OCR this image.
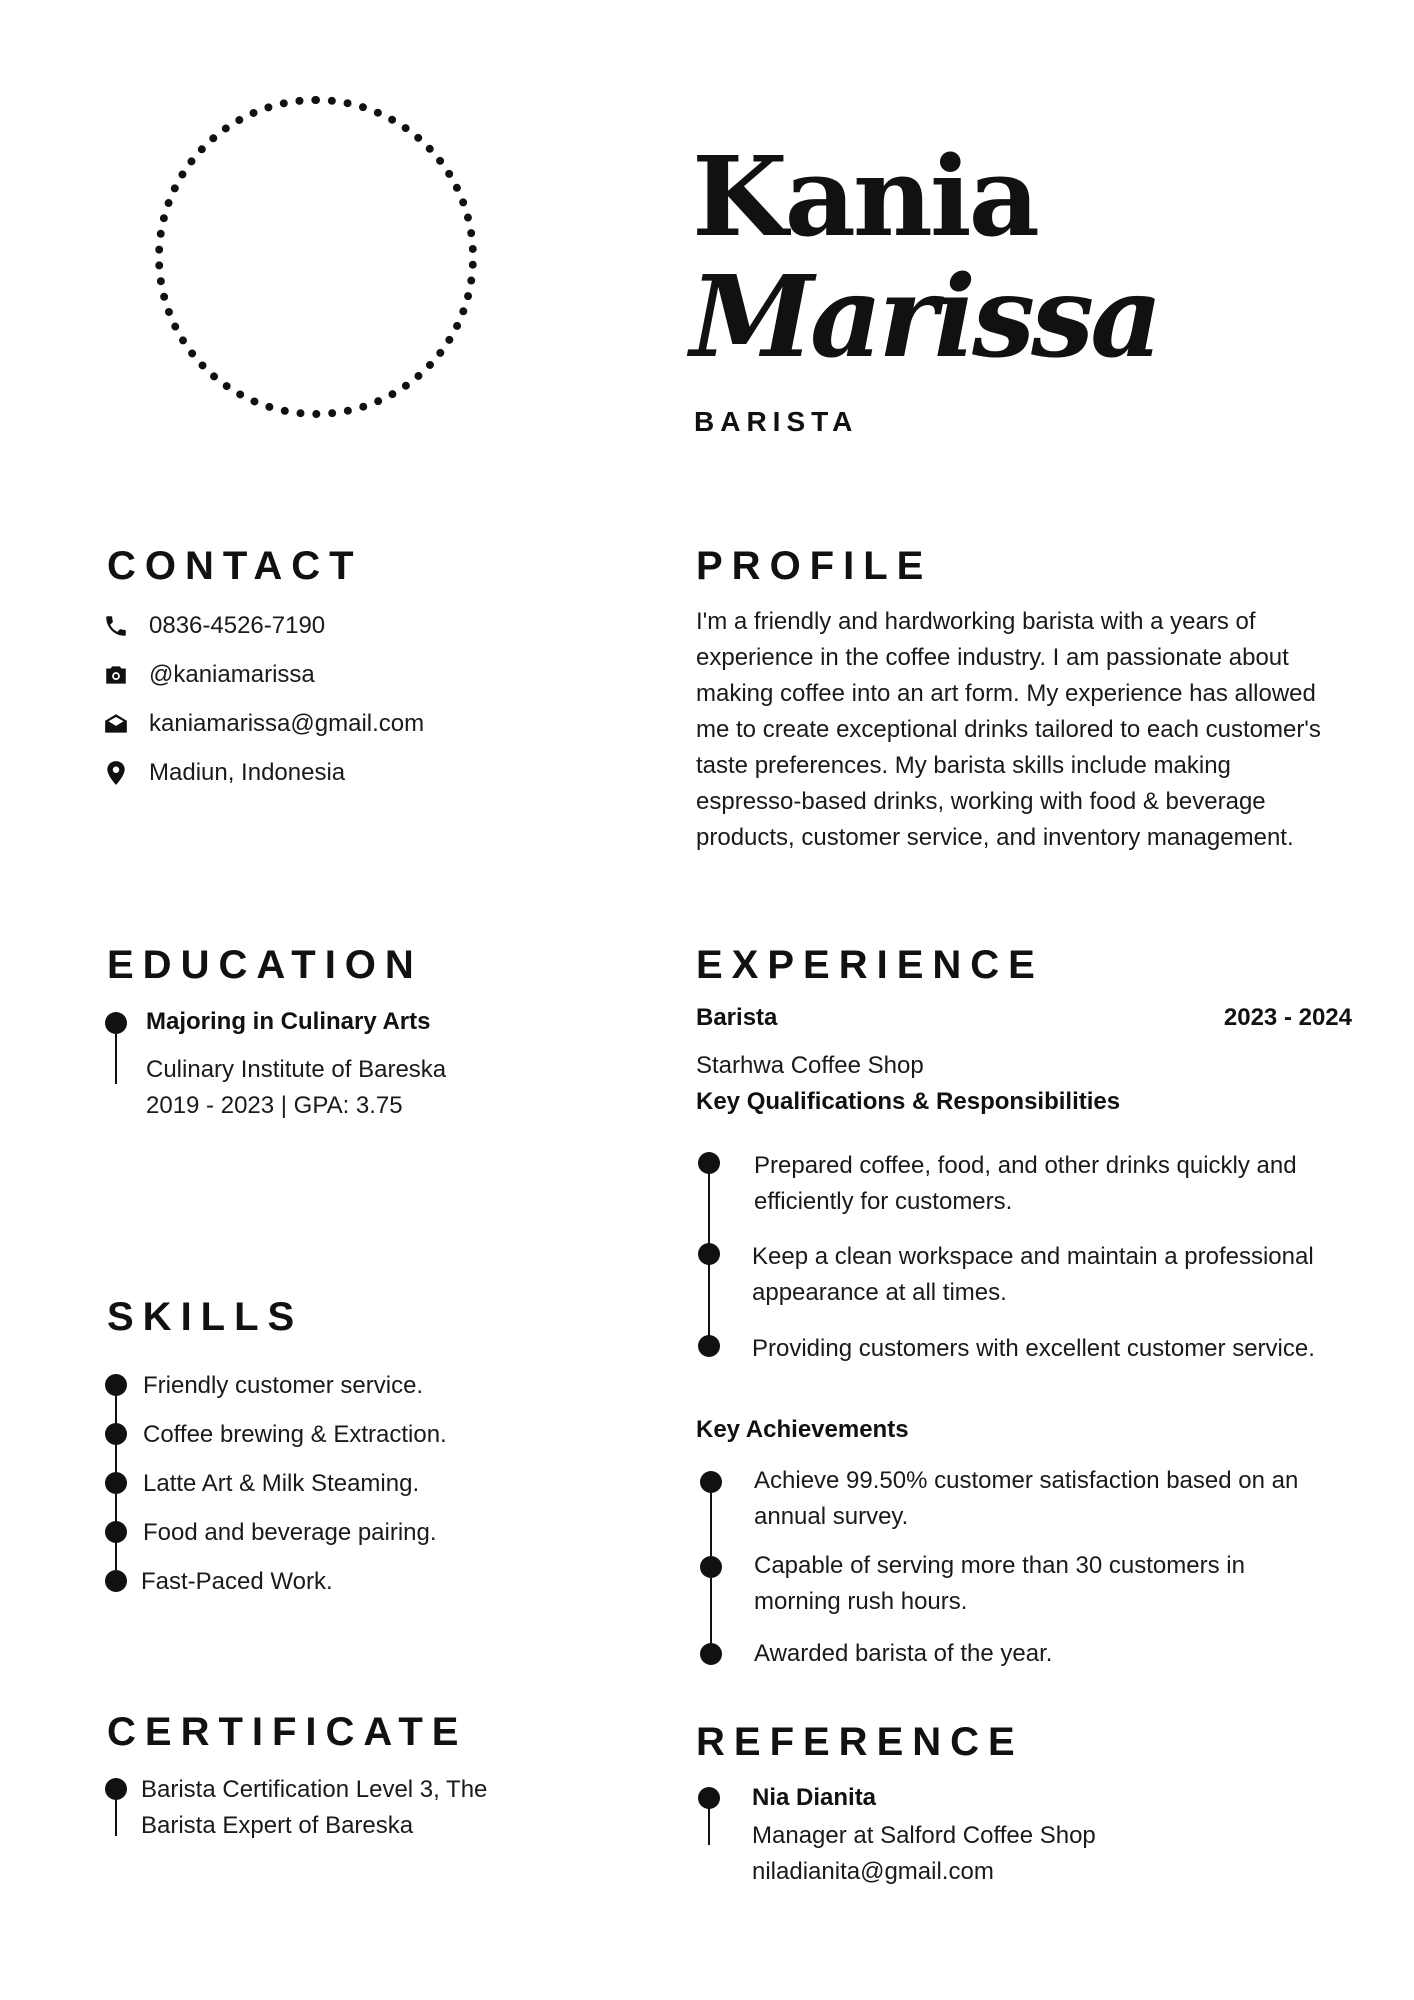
Kania
Marissa
BARISTA
CONTACT
0836-4526-7190
@kaniamarissa
kaniamarissa@gmail.com
Madiun, Indonesia
PROFILE
I'm a friendly and hardworking barista with a years of
experience in the coffee industry. I am passionate about
making coffee into an art form. My experience has allowed
me to create exceptional drinks tailored to each customer's
taste preferences. My barista skills include making
espresso-based drinks, working with food & beverage
products, customer service, and inventory management.
EDUCATION
Majoring in Culinary Arts
Culinary Institute of Bareska
2019 - 2023 | GPA: 3.75
EXPERIENCE
Barista	2023 - 2024
Starhwa Coffee Shop
Key Qualifications & Responsibilities
Prepared coffee, food, and other drinks quickly and
efficiently for customers.
Keep a clean workspace and maintain a professional
appearance at all times.
Providing customers with excellent customer service.
Key Achievements
Achieve 99.50% customer satisfaction based on an
annual survey.
Capable of serving more than 30 customers in
morning rush hours.
Awarded barista of the year.
SKILLS
Friendly customer service.
Coffee brewing & Extraction.
Latte Art & Milk Steaming.
Food and beverage pairing.
Fast-Paced Work.
CERTIFICATE
Barista Certification Level 3, The
Barista Expert of Bareska
REFERENCE
Nia Dianita
Manager at Salford Coffee Shop
niladianita@gmail.com
